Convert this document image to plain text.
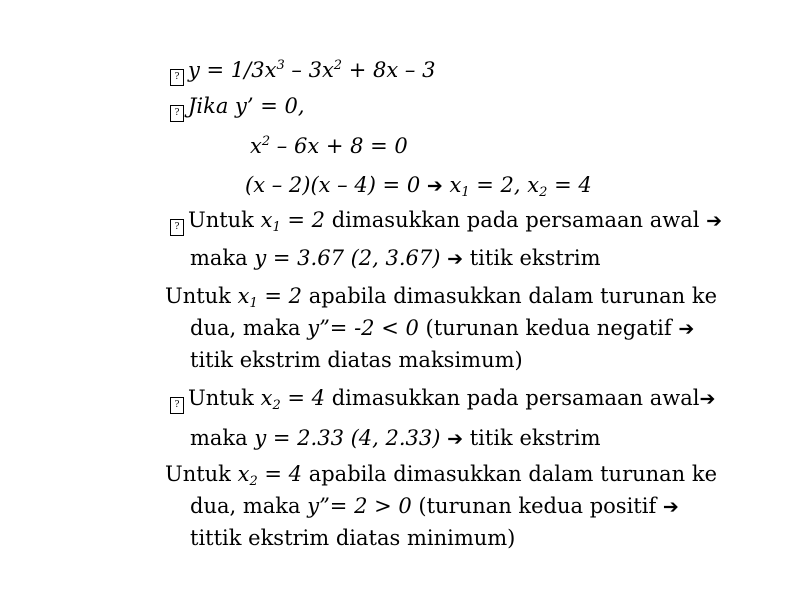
? $y = 1/3x^3 - 3x^2 + 8x - 3$
? Jika y’ = 0,
$x^2 - 6x + 8 = 0$
(x – 2)(x – 4) = 0 ➔ $x_1 = 2$, $x_2 = 4$
? Untuk $x_1 = 2$ dimasukkan pada persamaan awal ➔
maka y = 3.67 (2, 3.67) ➔ titik ekstrim
Untuk $x_1 = 2$ apabila dimasukkan dalam turunan ke
dua, maka y”= -2 < 0 (turunan kedua negatif ➔
titik ekstrim diatas maksimum)
? Untuk $x_2 = 4$ dimasukkan pada persamaan awal➔
maka y = 2.33 (4, 2.33) ➔ titik ekstrim
Untuk $x_2 = 4$ apabila dimasukkan dalam turunan ke
dua, maka y”= 2 > 0 (turunan kedua positif ➔
tittik ekstrim diatas minimum)
